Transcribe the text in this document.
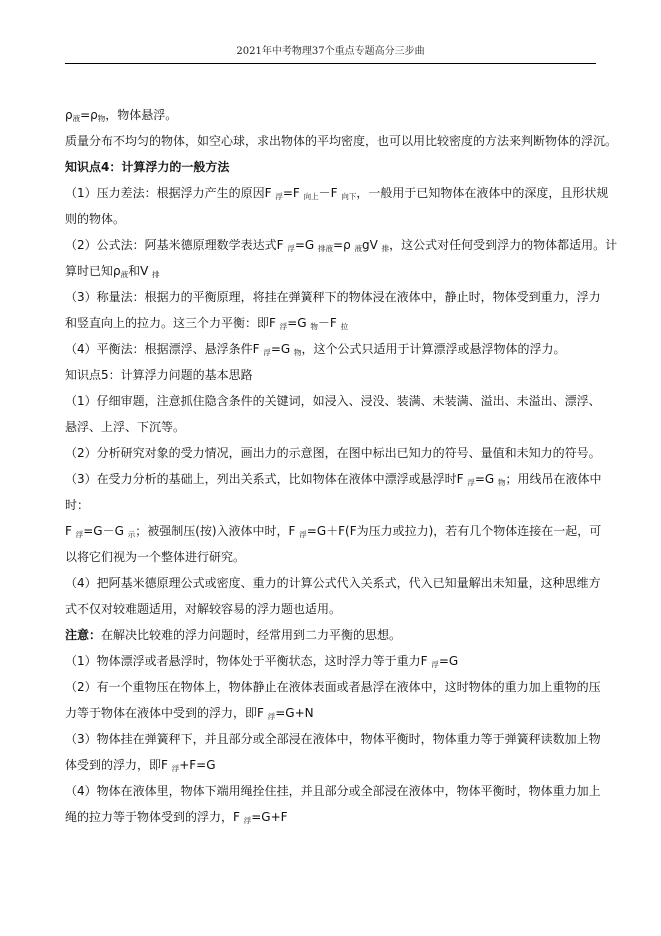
2021年中考物理37个重点专题高分三步曲
$\rho_液=\rho_物$，物体悬浮。
质量分布不均匀的物体，如空心球，求出物体的平均密度，也可以用比较密度的方法来判断物体的浮沉。
知识点4：计算浮力的一般方法
（1）压力差法：根据浮力产生的原因F $_浮$=F $_{向上}$－F $_{向下}$，一般用于已知物体在液体中的深度，且形状规
则的物体。
（2）公式法：阿基米德原理数学表达式F $_浮$=G $_{排液}$=ρ $_液$gV $_排$，这公式对任何受到浮力的物体都适用。计
算时已知$\rho_液$和V $_排$
（3）称量法：根据力的平衡原理，将挂在弹簧秤下的物体浸在液体中，静止时，物体受到重力，浮力
和竖直向上的拉力。这三个力平衡：即F $_浮$=G $_物$－F $_拉$
（4）平衡法：根据漂浮、悬浮条件F $_浮$=G $_物$，这个公式只适用于计算漂浮或悬浮物体的浮力。
知识点5：计算浮力问题的基本思路
（1）仔细审题，注意抓住隐含条件的关键词，如浸入、浸没、装满、未装满、溢出、未溢出、漂浮、
悬浮、上浮、下沉等。
（2）分析研究对象的受力情况，画出力的示意图，在图中标出已知力的符号、量值和未知力的符号。
（3）在受力分析的基础上，列出关系式，比如物体在液体中漂浮或悬浮时F $_浮$=G $_物$；用线吊在液体中
时：
F $_浮$=G－G $_示$；被强制压(按)入液体中时，F $_浮$=G＋F(F为压力或拉力)，若有几个物体连接在一起，可
以将它们视为一个整体进行研究。
（4）把阿基米德原理公式或密度、重力的计算公式代入关系式，代入已知量解出未知量，这种思维方
式不仅对较难题适用，对解较容易的浮力题也适用。
注意：在解决比较难的浮力问题时，经常用到二力平衡的思想。
（1）物体漂浮或者悬浮时，物体处于平衡状态，这时浮力等于重力F $_浮$=G
（2）有一个重物压在物体上，物体静止在液体表面或者悬浮在液体中，这时物体的重力加上重物的压
力等于物体在液体中受到的浮力，即F $_浮$=G+N
（3）物体挂在弹簧秤下，并且部分或全部浸在液体中，物体平衡时，物体重力等于弹簧秤读数加上物
体受到的浮力，即F $_浮$+F=G
（4）物体在液体里，物体下端用绳拴住挂，并且部分或全部浸在液体中，物体平衡时，物体重力加上
绳的拉力等于物体受到的浮力，F $_浮$=G+F
